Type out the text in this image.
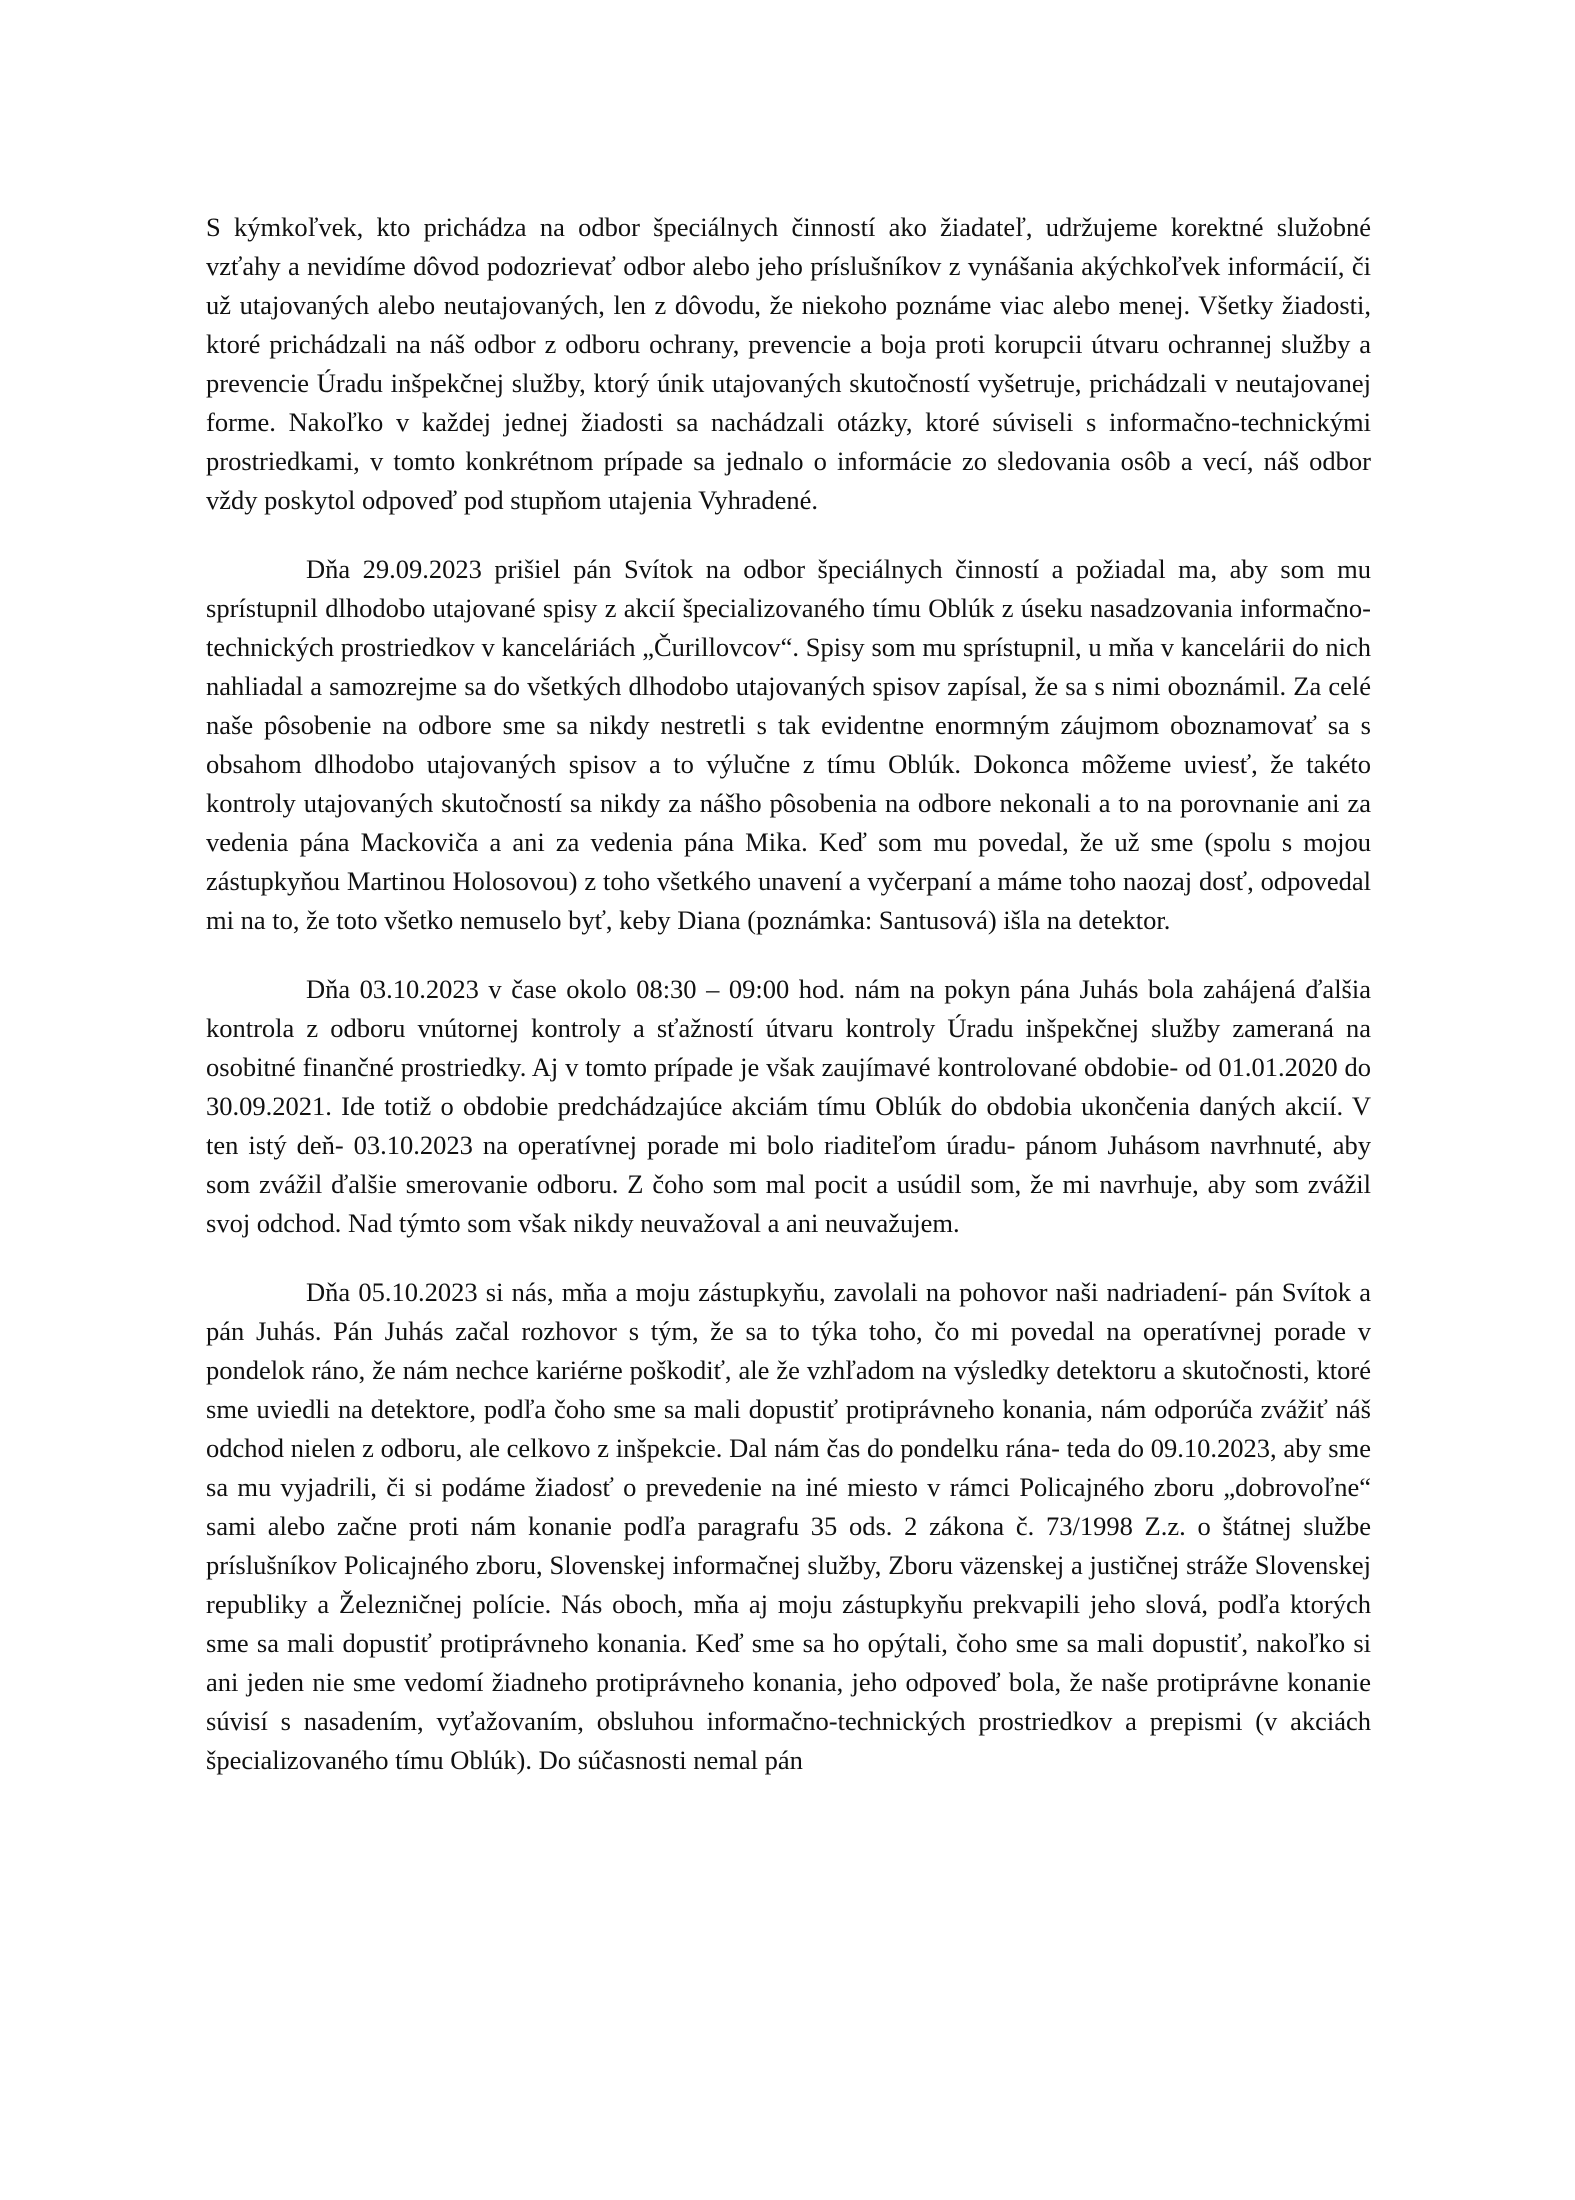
S kýmkoľvek, kto prichádza na odbor špeciálnych činností ako žiadateľ, udržujeme korektné služobné vzťahy a nevidíme dôvod podozrievať odbor alebo jeho príslušníkov z vynášania akýchkoľvek informácií, či už utajovaných alebo neutajovaných, len z dôvodu, že niekoho poznáme viac alebo menej. Všetky žiadosti, ktoré prichádzali na náš odbor z odboru ochrany, prevencie a boja proti korupcii útvaru ochrannej služby a prevencie Úradu inšpekčnej služby, ktorý únik utajovaných skutočností vyšetruje, prichádzali v neutajovanej forme. Nakoľko v každej jednej žiadosti sa nachádzali otázky, ktoré súviseli s informačno-technickými prostriedkami, v tomto konkrétnom prípade sa jednalo o informácie zo sledovania osôb a vecí, náš odbor vždy poskytol odpoveď pod stupňom utajenia Vyhradené.

Dňa 29.09.2023 prišiel pán Svítok na odbor špeciálnych činností a požiadal ma, aby som mu sprístupnil dlhodobo utajované spisy z akcií špecializovaného tímu Oblúk z úseku nasadzovania informačno-technických prostriedkov v kanceláriách „Čurillovcov“. Spisy som mu sprístupnil, u mňa v kancelárii do nich nahliadal a samozrejme sa do všetkých dlhodobo utajovaných spisov zapísal, že sa s nimi oboznámil. Za celé naše pôsobenie na odbore sme sa nikdy nestretli s tak evidentne enormným záujmom oboznamovať sa s obsahom dlhodobo utajovaných spisov a to výlučne z tímu Oblúk. Dokonca môžeme uviesť, že takéto kontroly utajovaných skutočností sa nikdy za nášho pôsobenia na odbore nekonali a to na porovnanie ani za vedenia pána Mackoviča a ani za vedenia pána Mika. Keď som mu povedal, že už sme (spolu s mojou zástupkyňou Martinou Holosovou) z toho všetkého unavení a vyčerpaní a máme toho naozaj dosť, odpovedal mi na to, že toto všetko nemuselo byť, keby Diana (poznámka: Santusová) išla na detektor.

Dňa 03.10.2023 v čase okolo 08:30 – 09:00 hod. nám na pokyn pána Juhás bola zahájená ďalšia kontrola z odboru vnútornej kontroly a sťažností útvaru kontroly Úradu inšpekčnej služby zameraná na osobitné finančné prostriedky. Aj v tomto prípade je však zaujímavé kontrolované obdobie- od 01.01.2020 do 30.09.2021. Ide totiž o obdobie predchádzajúce akciám tímu Oblúk do obdobia ukončenia daných akcií. V ten istý deň- 03.10.2023 na operatívnej porade mi bolo riaditeľom úradu- pánom Juhásom navrhnuté, aby som zvážil ďalšie smerovanie odboru. Z čoho som mal pocit a usúdil som, že mi navrhuje, aby som zvážil svoj odchod. Nad týmto som však nikdy neuvažoval a ani neuvažujem.

Dňa 05.10.2023 si nás, mňa a moju zástupkyňu, zavolali na pohovor naši nadriadení- pán Svítok a pán Juhás. Pán Juhás začal rozhovor s tým, že sa to týka toho, čo mi povedal na operatívnej porade v pondelok ráno, že nám nechce kariérne poškodiť, ale že vzhľadom na výsledky detektoru a skutočnosti, ktoré sme uviedli na detektore, podľa čoho sme sa mali dopustiť protiprávneho konania, nám odporúča zvážiť náš odchod nielen z odboru, ale celkovo z inšpekcie. Dal nám čas do pondelku rána- teda do 09.10.2023, aby sme sa mu vyjadrili, či si podáme žiadosť o prevedenie na iné miesto v rámci Policajného zboru „dobrovoľne“ sami alebo začne proti nám konanie podľa paragrafu 35 ods. 2 zákona č. 73/1998 Z.z. o štátnej službe príslušníkov Policajného zboru, Slovenskej informačnej služby, Zboru väzenskej a justičnej stráže Slovenskej republiky a Železničnej polície. Nás oboch, mňa aj moju zástupkyňu prekvapili jeho slová, podľa ktorých sme sa mali dopustiť protiprávneho konania. Keď sme sa ho opýtali, čoho sme sa mali dopustiť, nakoľko si ani jeden nie sme vedomí žiadneho protiprávneho konania, jeho odpoveď bola, že naše protiprávne konanie súvisí s nasadením, vyťažovaním, obsluhou informačno-technických prostriedkov a prepismi (v akciách špecializovaného tímu Oblúk). Do súčasnosti nemal pán
